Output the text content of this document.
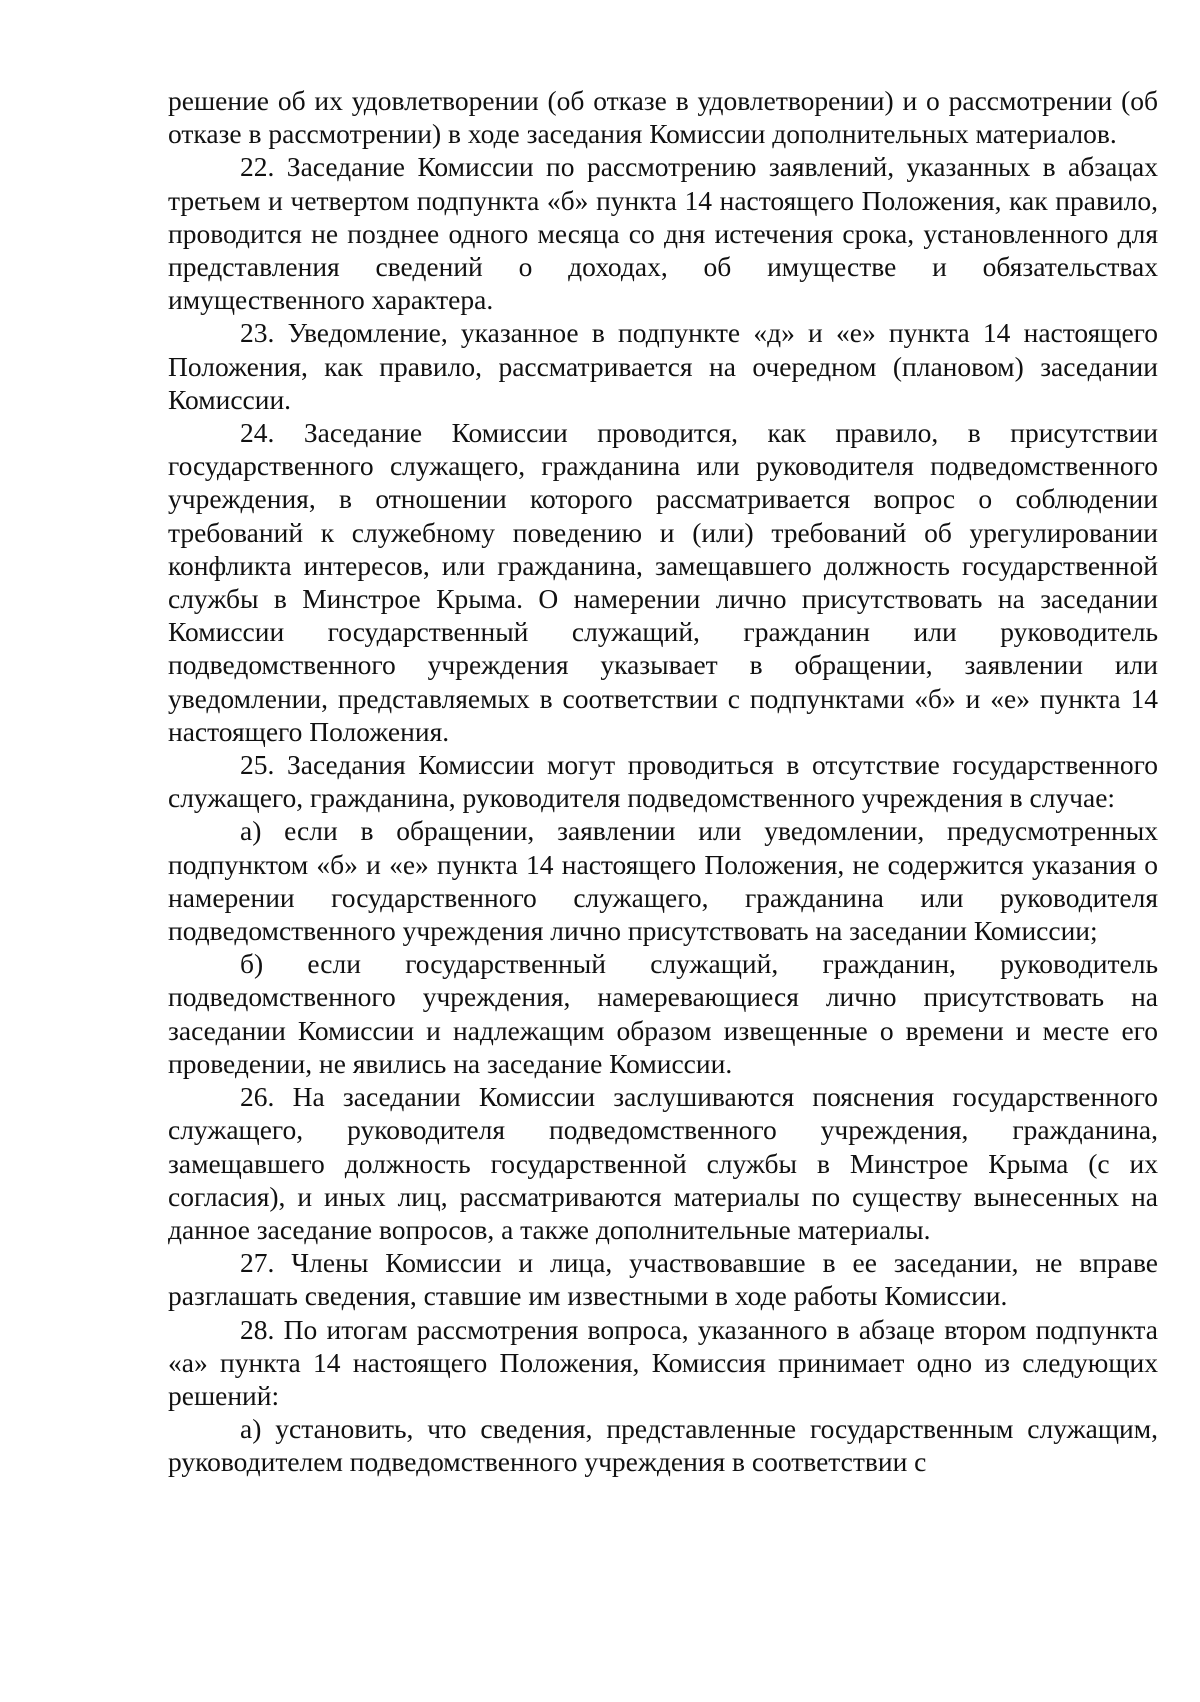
решение об их удовлетворении (об отказе в удовлетворении) и о рассмотрении (об отказе в рассмотрении) в ходе заседания Комиссии дополнительных материалов.

22. Заседание Комиссии по рассмотрению заявлений, указанных в абзацах третьем и четвертом подпункта «б» пункта 14 настоящего Положения, как правило, проводится не позднее одного месяца со дня истечения срока, установленного для представления сведений о доходах, об имуществе и обязательствах имущественного характера.

23. Уведомление, указанное в подпункте «д» и «е» пункта 14 настоящего Положения, как правило, рассматривается на очередном (плановом) заседании Комиссии.

24. Заседание Комиссии проводится, как правило, в присутствии государственного служащего, гражданина или руководителя подведомственного учреждения, в отношении которого рассматривается вопрос о соблюдении требований к служебному поведению и (или) требований об урегулировании конфликта интересов, или гражданина, замещавшего должность государственной службы в Минстрое Крыма. О намерении лично присутствовать на заседании Комиссии государственный служащий, гражданин или руководитель подведомственного учреждения указывает в обращении, заявлении или уведомлении, представляемых в соответствии с подпунктами «б» и «е» пункта 14 настоящего Положения.

25. Заседания Комиссии могут проводиться в отсутствие государственного служащего, гражданина, руководителя подведомственного учреждения в случае:

а) если в обращении, заявлении или уведомлении, предусмотренных подпунктом «б» и «е» пункта 14 настоящего Положения, не содержится указания о намерении государственного служащего, гражданина или руководителя подведомственного учреждения лично присутствовать на заседании Комиссии;

б) если государственный служащий, гражданин, руководитель подведомственного учреждения, намеревающиеся лично присутствовать на заседании Комиссии и надлежащим образом извещенные о времени и месте его проведении, не явились на заседание Комиссии.

26. На заседании Комиссии заслушиваются пояснения государственного служащего, руководителя подведомственного учреждения, гражданина, замещавшего должность государственной службы в Минстрое Крыма (с их согласия), и иных лиц, рассматриваются материалы по существу вынесенных на данное заседание вопросов, а также дополнительные материалы.

27. Члены Комиссии и лица, участвовавшие в ее заседании, не вправе разглашать сведения, ставшие им известными в ходе работы Комиссии.

28. По итогам рассмотрения вопроса, указанного в абзаце втором подпункта «а» пункта 14 настоящего Положения, Комиссия принимает одно из следующих решений:

а) установить, что сведения, представленные государственным служащим, руководителем подведомственного учреждения в соответствии с
